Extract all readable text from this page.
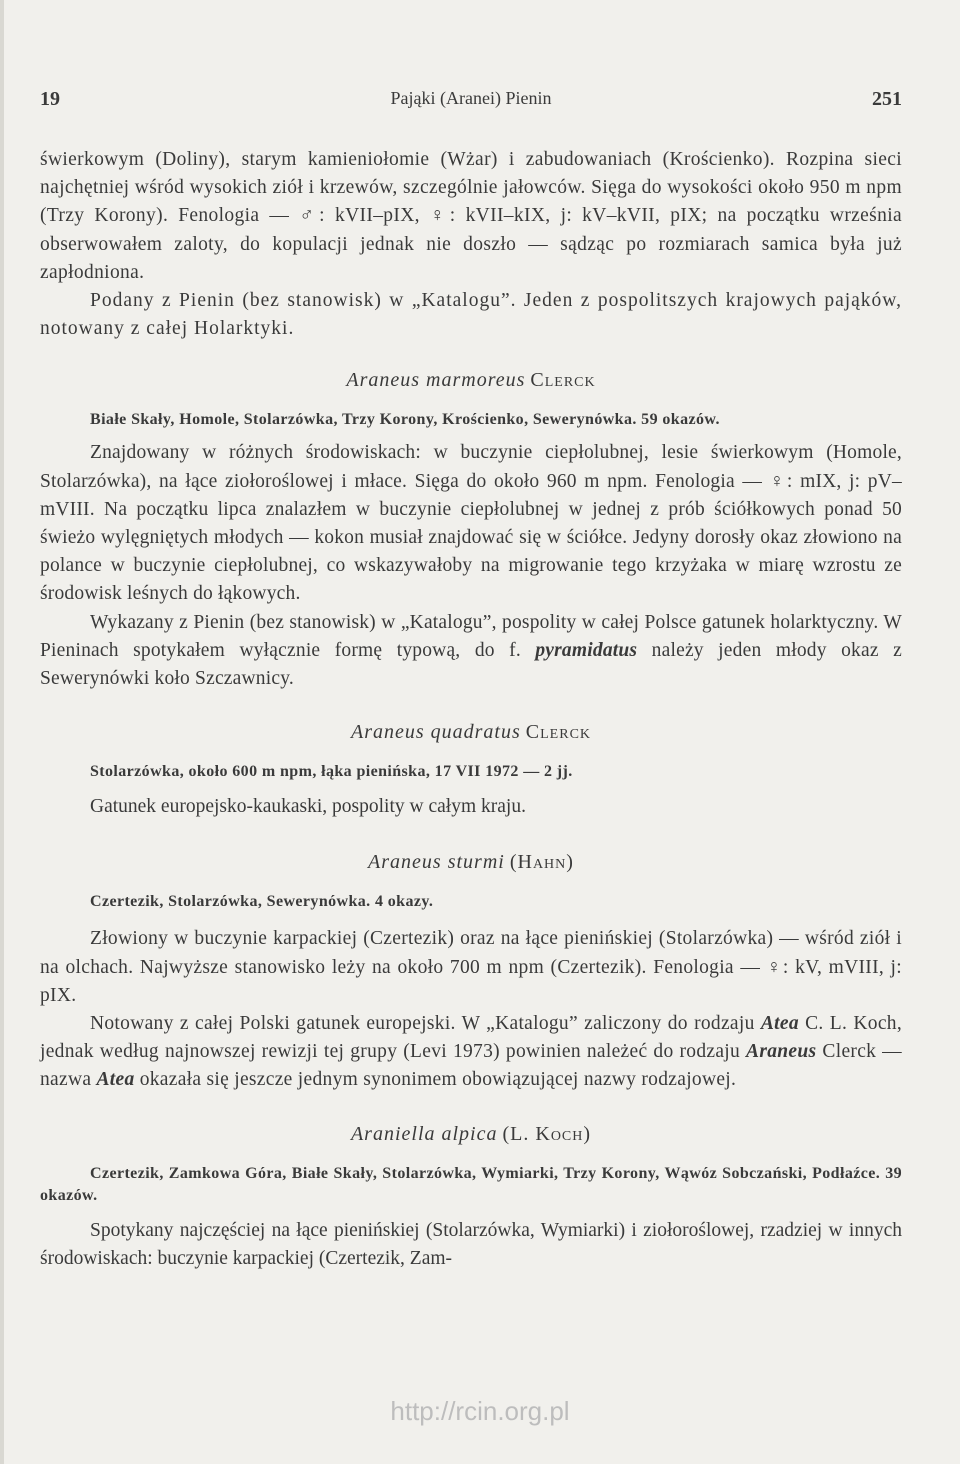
19	Pająki (Aranei) Pienin	251

świerkowym (Doliny), starym kamieniołomie (Wżar) i zabudowaniach (Krościenko). Rozpina sieci najchętniej wśród wysokich ziół i krzewów, szczególnie jałowców. Sięga do wysokości około 950 m npm (Trzy Korony). Fenologia — ♂: kVII–pIX, ♀: kVII–kIX, j: kV–kVII, pIX; na początku września obserwowałem zaloty, do kopulacji jednak nie doszło — sądząc po rozmiarach samica była już zapłodniona.

Podany z Pienin (bez stanowisk) w „Katalogu”. Jeden z pospolitszych krajowych pająków, notowany z całej Holarktyki.

Araneus marmoreus Clerck

Białe Skały, Homole, Stolarzówka, Trzy Korony, Krościenko, Sewerynówka. 59 okazów.

Znajdowany w różnych środowiskach: w buczynie ciepłolubnej, lesie świerkowym (Homole, Stolarzówka), na łące ziołoroślowej i młace. Sięga do około 960 m npm. Fenologia — ♀: mIX, j: pV–mVIII. Na początku lipca znalazłem w buczynie ciepłolubnej w jednej z prób ściółkowych ponad 50 świeżo wylęgniętych młodych — kokon musiał znajdować się w ściółce. Jedyny dorosły okaz złowiono na polance w buczynie ciepłolubnej, co wskazywałoby na migrowanie tego krzyżaka w miarę wzrostu ze środowisk leśnych do łąkowych.

Wykazany z Pienin (bez stanowisk) w „Katalogu”, pospolity w całej Polsce gatunek holarktyczny. W Pieninach spotykałem wyłącznie formę typową, do f. pyramidatus należy jeden młody okaz z Sewerynówki koło Szczawnicy.

Araneus quadratus Clerck

Stolarzówka, około 600 m npm, łąka pienińska, 17 VII 1972 — 2 jj.

Gatunek europejsko-kaukaski, pospolity w całym kraju.

Araneus sturmi (Hahn)

Czertezik, Stolarzówka, Sewerynówka. 4 okazy.

Złowiony w buczynie karpackiej (Czertezik) oraz na łące pienińskiej (Stolarzówka) — wśród ziół i na olchach. Najwyższe stanowisko leży na około 700 m npm (Czertezik). Fenologia — ♀: kV, mVIII, j: pIX.

Notowany z całej Polski gatunek europejski. W „Katalogu” zaliczony do rodzaju Atea C. L. Koch, jednak według najnowszej rewizji tej grupy (Levi 1973) powinien należeć do rodzaju Araneus Clerck — nazwa Atea okazała się jeszcze jednym synonimem obowiązującej nazwy rodzajowej.

Araniella alpica (L. Koch)

Czertezik, Zamkowa Góra, Białe Skały, Stolarzówka, Wymiarki, Trzy Korony, Wąwóz Sobczański, Podłaźce. 39 okazów.

Spotykany najczęściej na łące pienińskiej (Stolarzówka, Wymiarki) i ziołoroślowej, rzadziej w innych środowiskach: buczynie karpackiej (Czertezik, Zam-

http://rcin.org.pl
